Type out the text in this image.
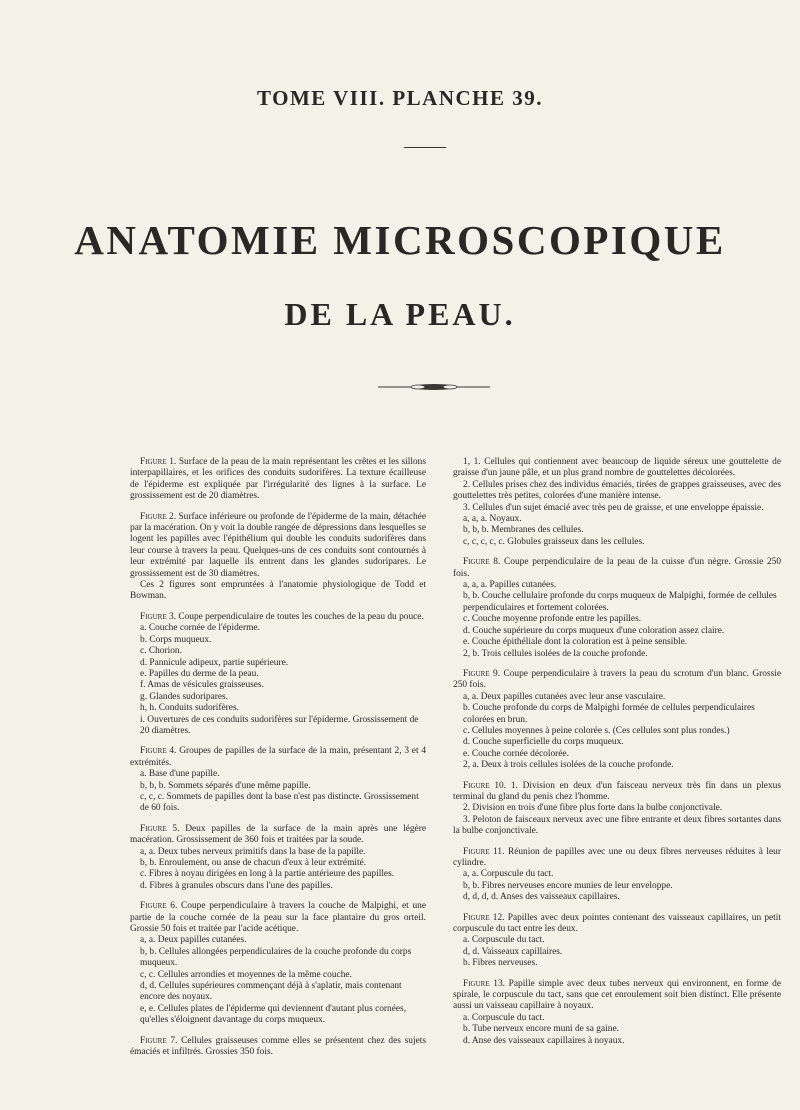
TOME VIII. PLANCHE 39.
ANATOMIE MICROSCOPIQUE
DE LA PEAU.

Figure 1. Surface de la peau de la main représentant les crêtes et les sillons interpapillaires, et les orifices des conduits sudorifères. La texture écailleuse de l'épiderme est expliquée par l'irrégularité des lignes à la surface. Le grossissement est de 20 diamètres.

Figure 2. Surface inférieure ou profonde de l'épiderme de la main, détachée par la macération. On y voit la double rangée de dépressions dans lesquelles se logent les papilles avec l'épithélium qui double les conduits sudorifères dans leur course à travers la peau. Quelques-uns de ces conduits sont contournés à leur extrémité par laquelle ils entrent dans les glandes sudoripares. Le grossissement est de 30 diamètres.

Ces 2 figures sont empruntées à l'anatomie physiologique de Todd et Bowman.

Figure 3. Coupe perpendiculaire de toutes les couches de la peau du pouce.

a. Couche cornée de l'épiderme.

b. Corps muqueux.

c. Chorion.

d. Pannicule adipeux, partie supérieure.

e. Papilles du derme de la peau.

f. Amas de vésicules graisseuses.

g. Glandes sudoripares.

h, h. Conduits sudorifères.

i. Ouvertures de ces conduits sudorifères sur l'épiderme. Grossissement de 20 diamètres.

Figure 4. Groupes de papilles de la surface de la main, présentant 2, 3 et 4 extrémités.

a. Base d'une papille.

b, b, b. Sommets séparés d'une même papille.

c, c, c. Sommets de papilles dont la base n'est pas distincte. Grossissement de 60 fois.

Figure 5. Deux papilles de la surface de la main après une légère macération. Grossissement de 360 fois et traitées par la soude.

a, a. Deux tubes nerveux primitifs dans la base de la papille.

b, b. Enroulement, ou anse de chacun d'eux à leur extrémité.

c. Fibres à noyau dirigées en long à la partie antérieure des papilles.

d. Fibres à granules obscurs dans l'une des papilles.

Figure 6. Coupe perpendiculaire à travers la couche de Malpighi, et une partie de la couche cornée de la peau sur la face plantaire du gros orteil. Grossie 50 fois et traitée par l'acide acétique.

a, a. Deux papilles cutanées.

b, b. Cellules allongées perpendiculaires de la couche profonde du corps muqueux.

c, c. Cellules arrondies et moyennes de la même couche.

d, d. Cellules supérieures commençant déjà à s'aplatir, mais contenant encore des noyaux.

e, e. Cellules plates de l'épiderme qui deviennent d'autant plus cornées, qu'elles s'éloignent davantage du corps muqueux.

Figure 7. Cellules graisseuses comme elles se présentent chez des sujets émaciés et infiltrés. Grossies 350 fois.

1, 1. Cellules qui contiennent avec beaucoup de liquide séreux une gouttelette de graisse d'un jaune pâle, et un plus grand nombre de gouttelettes décolorées.

2. Cellules prises chez des individus émaciés, tirées de grappes graisseuses, avec des gouttelettes très petites, colorées d'une manière intense.

3. Cellules d'un sujet émacié avec très peu de graisse, et une enveloppe épaissie.

a, a, a. Noyaux.

b, b, b. Membranes des cellules.

c, c, c, c, c. Globules graisseux dans les cellules.

Figure 8. Coupe perpendiculaire de la peau de la cuisse d'un nègre. Grossie 250 fois.

a, a, a. Papilles cutanées.

b, b. Couche cellulaire profonde du corps muqueux de Malpighi, formée de cellules perpendiculaires et fortement colorées.

c. Couche moyenne profonde entre les papilles.

d. Couche supérieure du corps muqueux d'une coloration assez claire.

e. Couche épithéliale dont la coloration est à peine sensible.

2, b. Trois cellules isolées de la couche profonde.

Figure 9. Coupe perpendiculaire à travers la peau du scrotum d'un blanc. Grossie 250 fois.

a, a. Deux papilles cutanées avec leur anse vasculaire.

b. Couche profonde du corps de Malpighi formée de cellules perpendiculaires colorées en brun.

c. Cellules moyennes à peine colorée s. (Ces cellules sont plus rondes.)

d. Couche superficielle du corps muqueux.

e. Couche cornée décolorée.

2, a. Deux à trois cellules isolées de la couche profonde.

Figure 10. 1. Division en deux d'un faisceau nerveux très fin dans un plexus terminal du gland du penis chez l'homme.

2. Division en trois d'une fibre plus forte dans la bulbe conjonctivale.

3. Peloton de faisceaux nerveux avec une fibre entrante et deux fibres sortantes dans la bulbe conjonctivale.

Figure 11. Réunion de papilles avec une ou deux fibres nerveuses réduites à leur cylindre.

a, a. Corpuscule du tact.

b, b. Fibres nerveuses encore munies de leur enveloppe.

d, d, d, d. Anses des vaisseaux capillaires.

Figure 12. Papilles avec deux pointes contenant des vaisseaux capillaires, un petit corpuscule du tact entre les deux.

a. Corpuscule du tact.

d, d. Vaisseaux capillaires.

b. Fibres nerveuses.

Figure 13. Papille simple avec deux tubes nerveux qui environnent, en forme de spirale, le corpuscule du tact, sans que cet enroulement soit bien distinct. Elle présente aussi un vaisseau capillaire à noyaux.

a. Corpuscule du tact.

b. Tube nerveux encore muni de sa gaine.

d. Anse des vaisseaux capillaires à noyaux.
